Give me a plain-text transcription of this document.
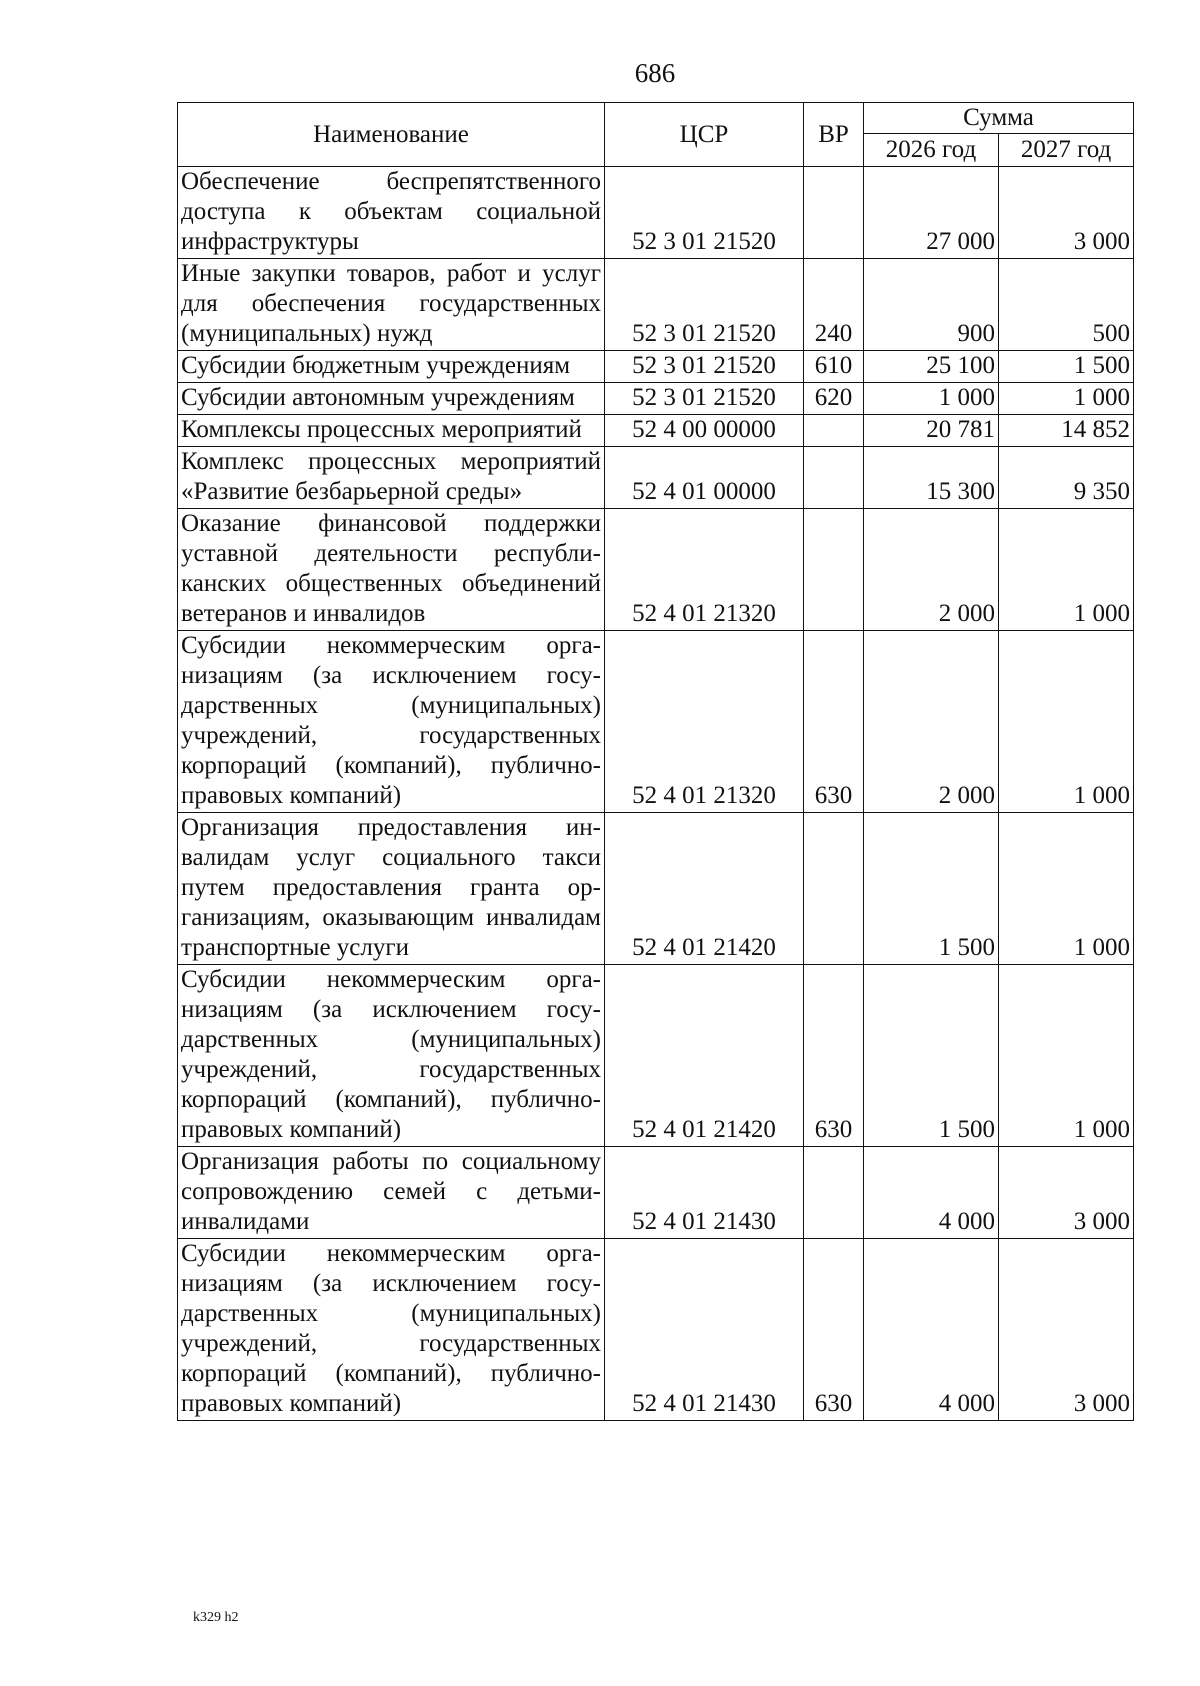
686
Наименование	ЦСР	ВР	Сумма	
			2026 год	2027 год
Обеспечение беспрепятственного доступа к объектам социальной инфраструктуры	52 3 01 21520		27 000	3 000
Иные закупки товаров, работ и услуг для обеспечения государственных (муниципальных) нужд	52 3 01 21520	240	900	500
Субсидии бюджетным учреждениям	52 3 01 21520	610	25 100	1 500
Субсидии автономным учреждениям	52 3 01 21520	620	1 000	1 000
Комплексы процессных мероприятий	52 4 00 00000		20 781	14 852
Комплекс процессных мероприятий «Развитие безбарьерной среды»	52 4 01 00000		15 300	9 350
Оказание финансовой поддержки уставной деятельности республиканских общественных объединений ветеранов и инвалидов	52 4 01 21320		2 000	1 000
Субсидии некоммерческим организациям (за исключением государственных (муниципальных) учреждений, государственных корпораций (компаний), публично-правовых компаний)	52 4 01 21320	630	2 000	1 000
Организация предоставления инвалидам услуг социального такси путем предоставления гранта организациям, оказывающим инвалидам транспортные услуги	52 4 01 21420		1 500	1 000
Субсидии некоммерческим организациям (за исключением государственных (муниципальных) учреждений, государственных корпораций (компаний), публично-правовых компаний)	52 4 01 21420	630	1 500	1 000
Организация работы по социальному сопровождению семей с детьми-инвалидами	52 4 01 21430		4 000	3 000
Субсидии некоммерческим организациям (за исключением государственных (муниципальных) учреждений, государственных корпораций (компаний), публично-правовых компаний)	52 4 01 21430	630	4 000	3 000
k329 h2
